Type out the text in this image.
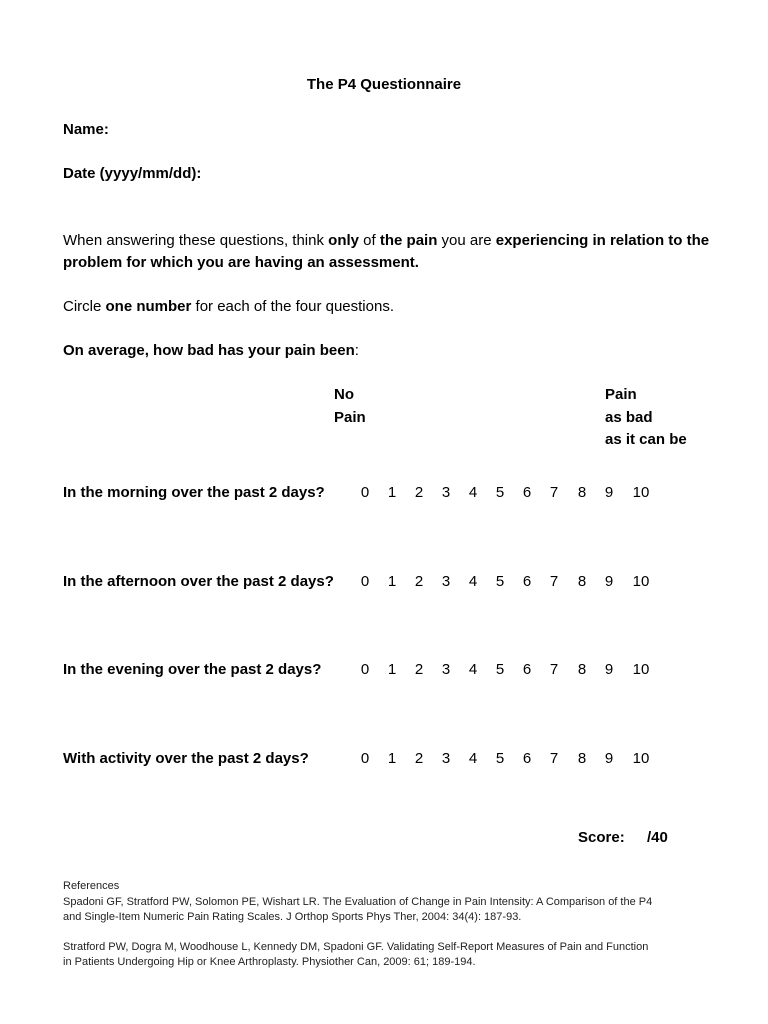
The P4 Questionnaire
Name:
Date (yyyy/mm/dd):
When answering these questions, think only of the pain you are experiencing in relation to the problem for which you are having an assessment.
Circle one number for each of the four questions.
On average, how bad has your pain been:
No
Pain
Pain
as bad
as it can be
In the morning over the past 2 days? 0 1 2 3 4 5 6 7 8 9 10
In the afternoon over the past 2 days? 0 1 2 3 4 5 6 7 8 9 10
In the evening over the past 2 days?	0 1 2 3 4 5 6 7 8 9 10
With activity over the past 2 days?	0 1 2 3 4 5 6 7 8 9 10
Score: /40
References
Spadoni GF, Stratford PW, Solomon PE, Wishart LR. The Evaluation of Change in Pain Intensity: A Comparison of the P4
and Single-Item Numeric Pain Rating Scales. J Orthop Sports Phys Ther, 2004: 34(4): 187-93.
Stratford PW, Dogra M, Woodhouse L, Kennedy DM, Spadoni GF. Validating Self-Report Measures of Pain and Function
in Patients Undergoing Hip or Knee Arthroplasty. Physiother Can, 2009: 61; 189-194.
